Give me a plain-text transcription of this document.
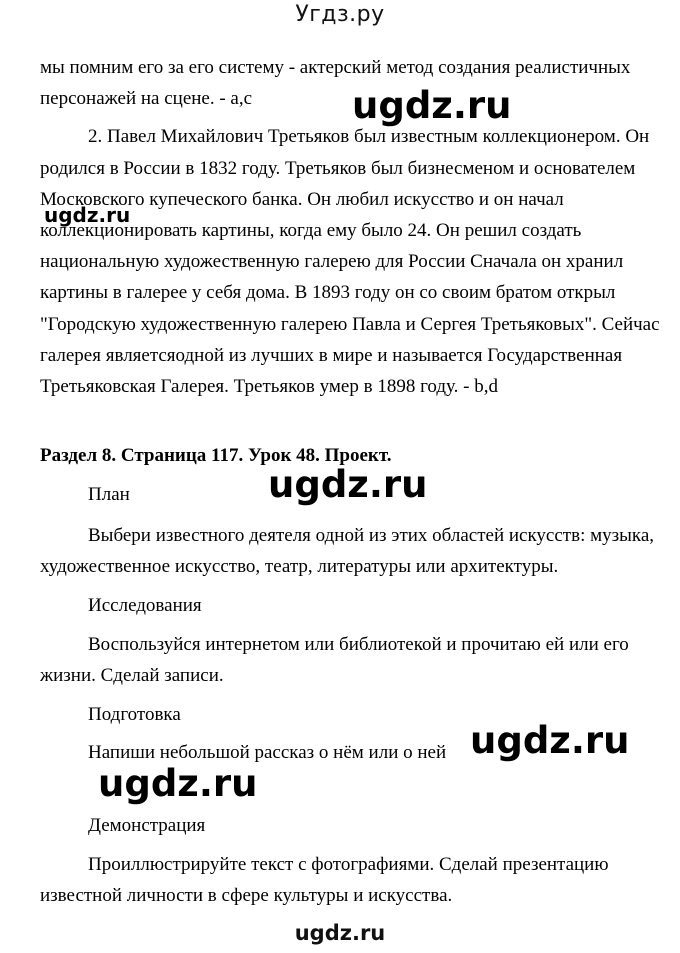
Угдз.ру
мы помним его за его систему - актерский метод создания реалистичных
персонажей на сцене. - a,c
2. Павел Михайлович Третьяков был известным коллекционером. Он
родился в России в 1832 году. Третьяков был бизнесменом и основателем
Московского купеческого банка. Он любил искусство и он начал
коллекционировать картины, когда ему было 24. Он решил создать
национальную художественную галерею для России Сначала он хранил
картины в галерее у себя дома. В 1893 году он со своим братом открыл
"Городскую художественную галерею Павла и Сергея Третьяковых". Сейчас
галерея являетсяодной из лучших в мире и называется Государственная
Третьяковская Галерея. Третьяков умер в 1898 году. - b,d
Раздел 8. Страница 117. Урок 48. Проект.
План
Выбери известного деятеля одной из этих областей искусств: музыка,
художественное искусство, театр, литературы или архитектуры.
Исследования
Воспользуйся интернетом или библиотекой и прочитаю ей или его
жизни. Сделай записи.
Подготовка
Напиши небольшой рассказ о нём или о ней
Демонстрация
Проиллюстрируйте текст с фотографиями. Сделай презентацию
известной личности в сфере культуры и искусства.
ugdz.ru
ugdz.ru
ugdz.ru
ugdz.ru
ugdz.ru
ugdz.ru
